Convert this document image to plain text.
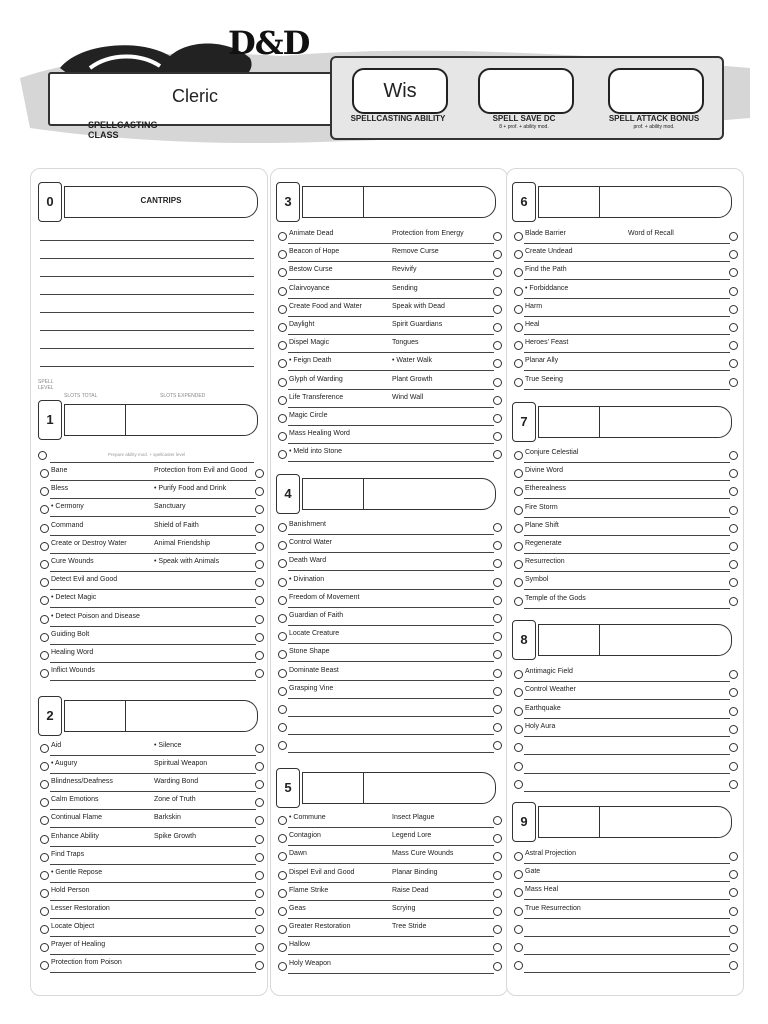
D&D
Cleric
SPELLCASTING CLASS
Wis
SPELLCASTING ABILITY	SPELL SAVE DC
8 + prof. + ability mod.
SPELL ATTACK BONUS
prof. + ability mod.
0	CANTRIPS
SPELL LEVEL
SLOTS TOTAL	SLOTS EXPENDED
1
Prepare ability mod. + spellcaster level
Bane	Protection from Evil and Good
Bless	• Purify Food and Drink
• Cermony	Sanctuary
Command	Shield of Faith
Create or Destroy Water	Animal Friendship
Cure Wounds	• Speak with Animals
Detect Evil and Good
• Detect Magic
• Detect Poison and Disease
Guiding Bolt
Healing Word
Inflict Wounds
2
Aid	• Silence
• Augury	Spiritual Weapon
Blindness/Deafness	Warding Bond
Calm Emotions	Zone of Truth
Continual Flame	Barkskin
Enhance Ability	Spike Growth
Find Traps
• Gentle Repose
Hold Person
Lesser Restoration
Locate Object
Prayer of Healing
Protection from Poison
3
Animate Dead	Protection from Energy
Beacon of Hope	Remove Curse
Bestow Curse	Revivify
Clairvoyance	Sending
Create Food and Water	Speak with Dead
Daylight	Spirit Guardians
Dispel Magic	Tongues
• Feign Death	• Water Walk
Glyph of Warding	Plant Growth
Life Transference	Wind Wall
Magic Circle
Mass Healing Word
• Meld into Stone
4
Banishment
Control Water
Death Ward
• Divination
Freedom of Movement
Guardian of Faith
Locate Creature
Stone Shape
Dominate Beast
Grasping Vine
5
• Commune	Insect Plague
Contagion	Legend Lore
Dawn	Mass Cure Wounds
Dispel Evil and Good	Planar Binding
Flame Strike	Raise Dead
Geas	Scrying
Greater Restoration	Tree Stride
Hallow
Holy Weapon
6
Blade Barrier	Word of Recall
Create Undead
Find the Path
• Forbiddance
Harm
Heal
Heroes' Feast
Planar Ally
True Seeing
7
Conjure Celestial
Divine Word
Etherealness
Fire Storm
Plane Shift
Regenerate
Resurrection
Symbol
Temple of the Gods
8
Antimagic Field
Control Weather
Earthquake
Holy Aura
9
Astral Projection
Gate
Mass Heal
True Resurrection
